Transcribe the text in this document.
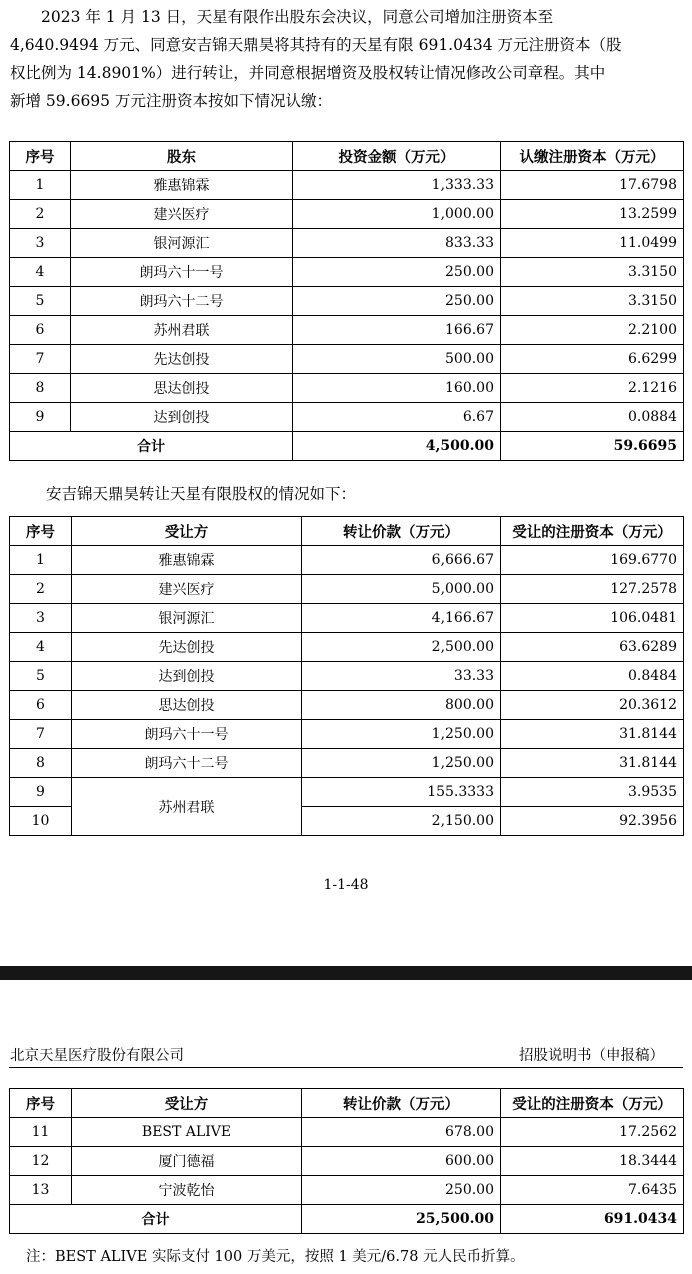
　　2023 年 1 月 13 日，天星有限作出股东会决议，同意公司增加注册资本至
4,640.9494 万元、同意安吉锦天鼎昊将其持有的天星有限 691.0434 万元注册资本（股
权比例为 14.8901%）进行转让，并同意根据增资及股权转让情况修改公司章程。其中
新增 59.6695 万元注册资本按如下情况认缴：
序号	股东	投资金额（万元）	认缴注册资本（万元）
1	雅惠锦霖	1,333.33	17.6798
2	建兴医疗	1,000.00	13.2599
3	银河源汇	833.33	11.0499
4	朗玛六十一号	250.00	3.3150
5	朗玛六十二号	250.00	3.3150
6	苏州君联	166.67	2.2100
7	先达创投	500.00	6.6299
8	思达创投	160.00	2.1216
9	达到创投	6.67	0.0884
合计		4,500.00	59.6695
安吉锦天鼎昊转让天星有限股权的情况如下：
序号	受让方	转让价款（万元）	受让的注册资本（万元）
1	雅惠锦霖	6,666.67	169.6770
2	建兴医疗	5,000.00	127.2578
3	银河源汇	4,166.67	106.0481
4	先达创投	2,500.00	63.6289
5	达到创投	33.33	0.8484
6	思达创投	800.00	20.3612
7	朗玛六十一号	1,250.00	31.8144
8	朗玛六十二号	1,250.00	31.8144
9	苏州君联	155.3333	3.9535
10		2,150.00	92.3956
1-1-48
北京天星医疗股份有限公司	招股说明书（申报稿）
序号	受让方	转让价款（万元）	受让的注册资本（万元）
11	BEST ALIVE	678.00	17.2562
12	厦门德福	600.00	18.3444
13	宁波乾怡	250.00	7.6435
合计		25,500.00	691.0434
注：BEST ALIVE 实际支付 100 万美元，按照 1 美元/6.78 元人民币折算。
